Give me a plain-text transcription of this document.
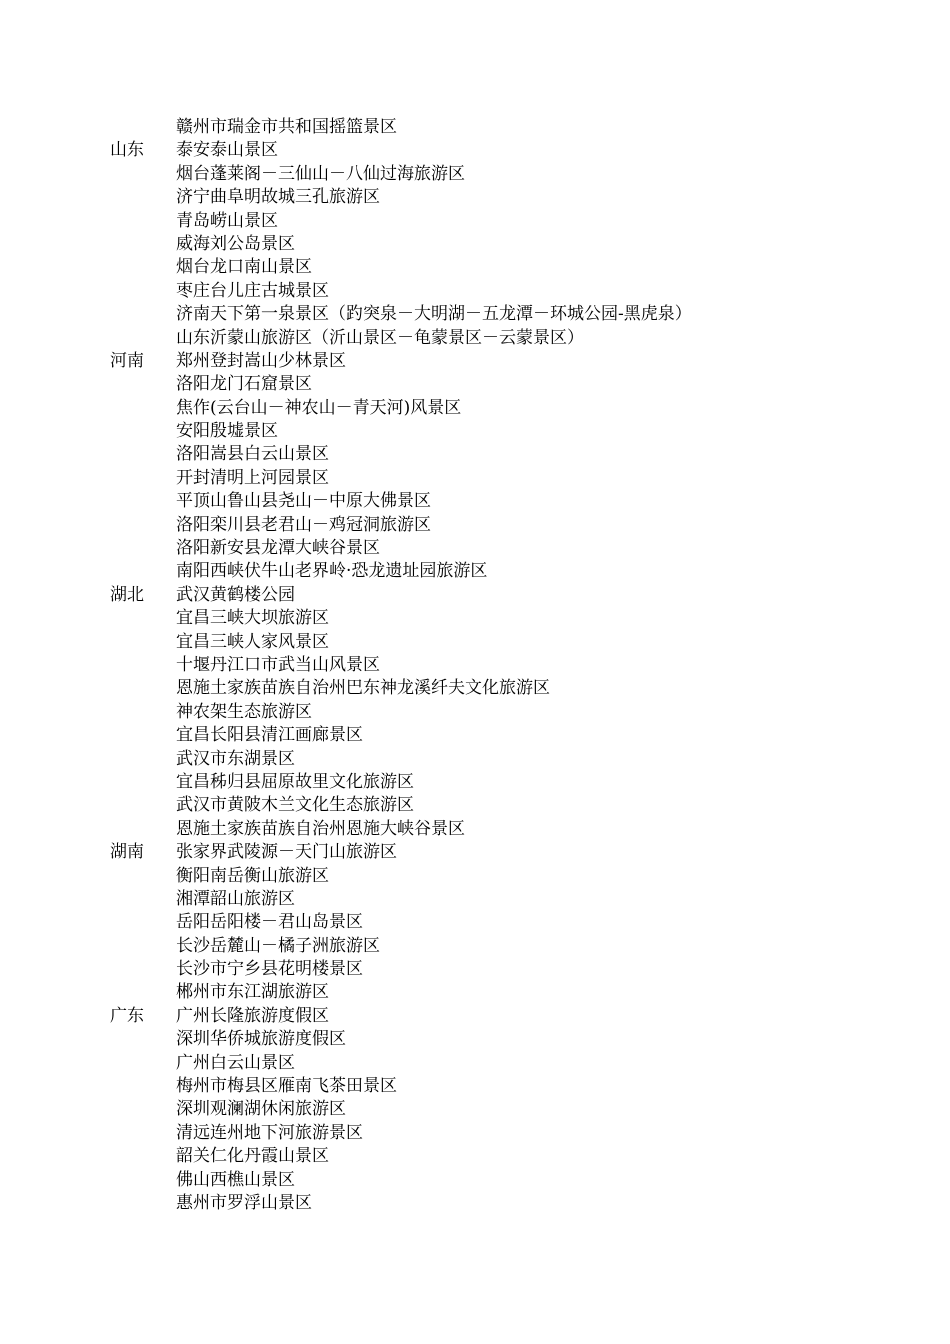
赣州市瑞金市共和国摇篮景区
山东	泰安泰山景区
烟台蓬莱阁－三仙山－八仙过海旅游区
济宁曲阜明故城三孔旅游区
青岛崂山景区
威海刘公岛景区
烟台龙口南山景区
枣庄台儿庄古城景区
济南天下第一泉景区（趵突泉－大明湖－五龙潭－环城公园-黑虎泉）
山东沂蒙山旅游区（沂山景区－龟蒙景区－云蒙景区）
河南	郑州登封嵩山少林景区
洛阳龙门石窟景区
焦作(云台山－神农山－青天河)风景区
安阳殷墟景区
洛阳嵩县白云山景区
开封清明上河园景区
平顶山鲁山县尧山－中原大佛景区
洛阳栾川县老君山－鸡冠洞旅游区
洛阳新安县龙潭大峡谷景区
南阳西峡伏牛山老界岭·恐龙遗址园旅游区
湖北	武汉黄鹤楼公园
宜昌三峡大坝旅游区
宜昌三峡人家风景区
十堰丹江口市武当山风景区
恩施土家族苗族自治州巴东神龙溪纤夫文化旅游区
神农架生态旅游区
宜昌长阳县清江画廊景区
武汉市东湖景区
宜昌秭归县屈原故里文化旅游区
武汉市黄陂木兰文化生态旅游区
恩施土家族苗族自治州恩施大峡谷景区
湖南	张家界武陵源－天门山旅游区
衡阳南岳衡山旅游区
湘潭韶山旅游区
岳阳岳阳楼－君山岛景区
长沙岳麓山－橘子洲旅游区
长沙市宁乡县花明楼景区
郴州市东江湖旅游区
广东	广州长隆旅游度假区
深圳华侨城旅游度假区
广州白云山景区
梅州市梅县区雁南飞茶田景区
深圳观澜湖休闲旅游区
清远连州地下河旅游景区
韶关仁化丹霞山景区
佛山西樵山景区
惠州市罗浮山景区
